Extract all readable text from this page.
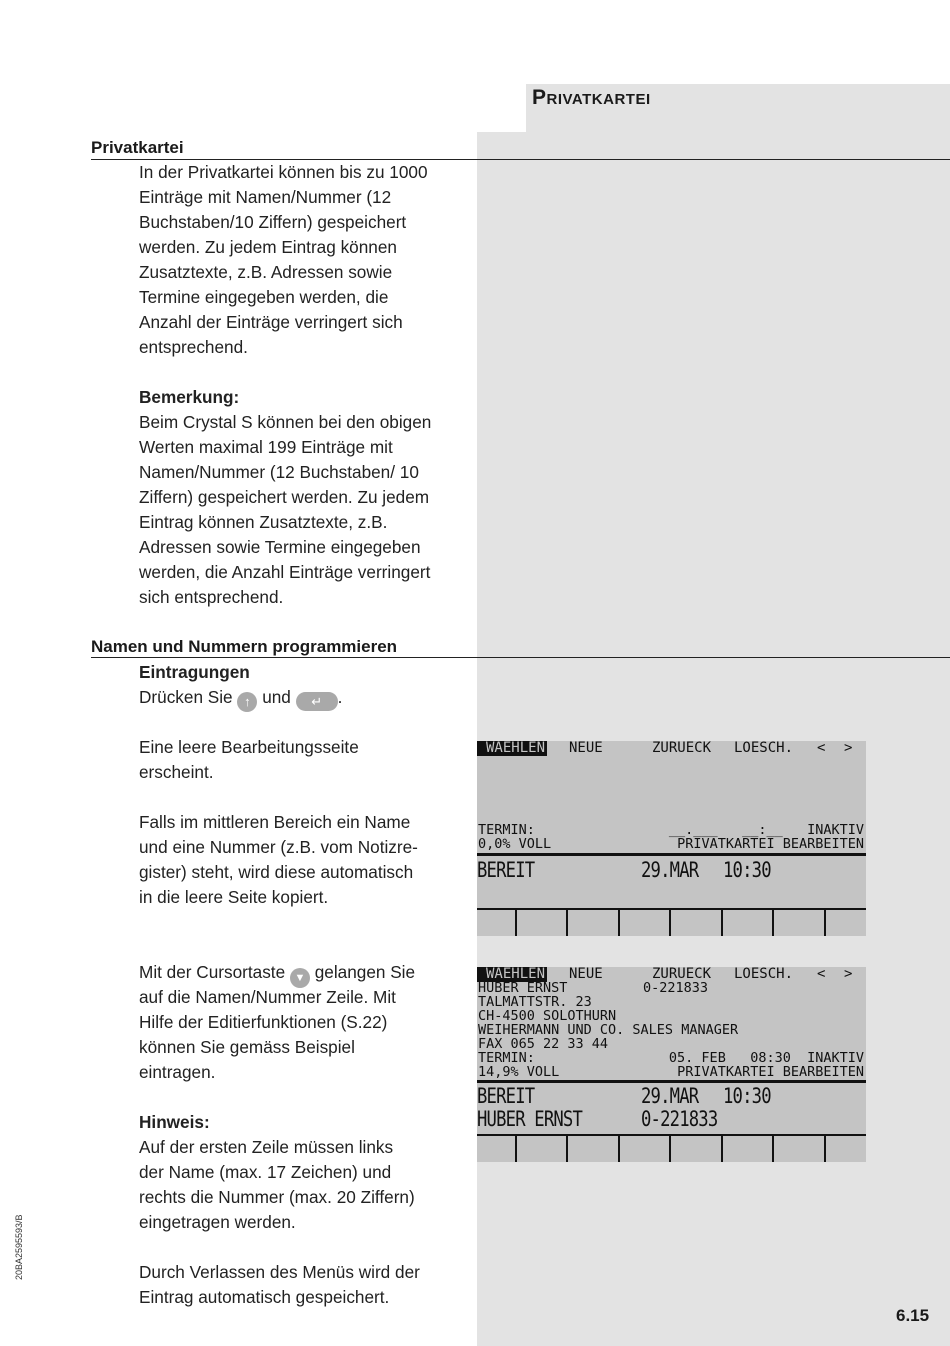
Privatkartei
Privatkartei
In der Privatkartei können bis zu 1000
Einträge mit Namen/Nummer (12
Buchstaben/10 Ziffern) gespeichert
werden. Zu jedem Eintrag können
Zusatztexte, z.B. Adressen sowie
Termine eingegeben werden, die
Anzahl der Einträge verringert sich
entsprechend.
Bemerkung:
Beim Crystal S können bei den obigen
Werten maximal 199 Einträge mit
Namen/Nummer (12 Buchstaben/ 10
Ziffern) gespeichert werden. Zu jedem
Eintrag können Zusatztexte, z.B.
Adressen sowie Termine eingegeben
werden, die Anzahl Einträge verringert
sich entsprechend.
Namen und Nummern programmieren
Eintragungen
Drücken Sie ↑ und ↵ .
Eine leere Bearbeitungsseite
erscheint.
Falls im mittleren Bereich ein Name
und eine Nummer (z.B. vom Notizre-
gister) steht, wird diese automatisch
in die leere Seite kopiert.
Mit der Cursortaste ▼ gelangen Sie
auf die Namen/Nummer Zeile. Mit
Hilfe der Editierfunktionen (S.22)
können Sie gemäss Beispiel
eintragen.
Hinweis:
Auf der ersten Zeile müssen links
der Name (max. 17 Zeichen) und
rechts die Nummer (max. 20 Ziffern)
eingetragen werden.
Durch Verlassen des Menüs wird der
Eintrag automatisch gespeichert.

WAEHLEN

NEUE

	ZURUECK

LOESCH.

<

>

TERMIN:	__.___   __:__   INAKTIV
0,0% VOLL	PRIVATKARTEI BEARBEITEN
BEREIT	29.MAR 10:30

WAEHLEN

NEUE

	ZURUECK

LOESCH.

<

>

HUBER ERNST	0-221833
TALMATTSTR. 23
CH-4500 SOLOTHURN
WEIHERMANN UND CO. SALES MANAGER
FAX 065 22 33 44
TERMIN:	05. FEB   08:30  INAKTIV
14,9% VOLL	PRIVATKARTEI BEARBEITEN
BEREIT	29.MAR 10:30
HUBER ERNST	0-221833
6.15
20BA2595593/B
